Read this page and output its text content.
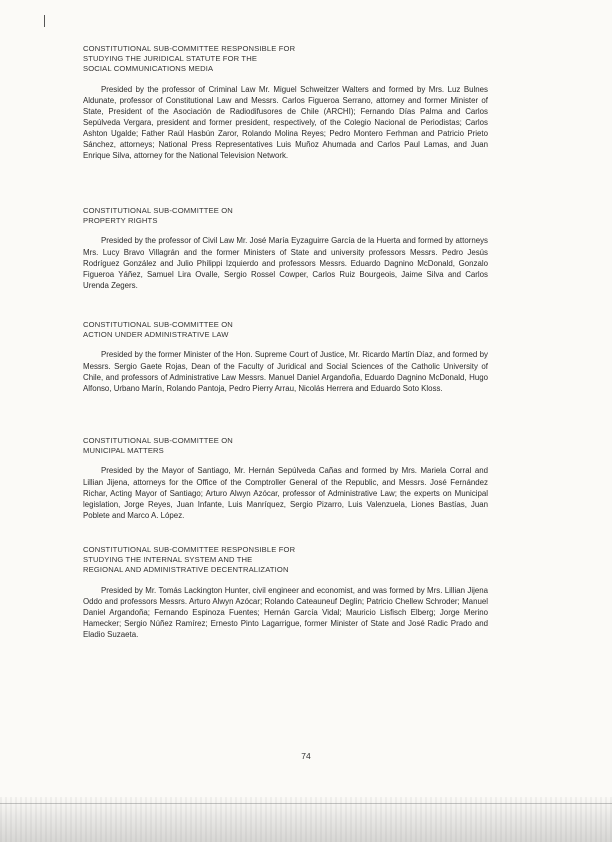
CONSTITUTIONAL SUB-COMMITTEE RESPONSIBLE FOR
STUDYING THE JURIDICAL STATUTE FOR THE
SOCIAL COMMUNICATIONS MEDIA

Presided by the professor of Criminal Law Mr. Miguel Schweitzer Walters and formed by Mrs. Luz Bulnes Aldunate, professor of Constitutional Law and Messrs. Carlos Figueroa Serrano, attorney and former Minister of State, President of the Asociación de Radiodifusores de Chile (ARCHI); Fernando Días Palma and Carlos Sepúlveda Vergara, president and former president, respectively, of the Colegio Nacional de Periodistas; Carlos Ashton Ugalde; Father Raúl Hasbún Zaror, Rolando Molina Reyes; Pedro Montero Ferhman and Patricio Prieto Sánchez, attorneys; National Press Representatives Luis Muñoz Ahumada and Carlos Paul Lamas, and Juan Enrique Silva, attorney for the National Television Network.

CONSTITUTIONAL SUB-COMMITTEE ON
PROPERTY RIGHTS

Presided by the professor of Civil Law Mr. José María Eyzaguirre García de la Huerta and formed by attorneys Mrs. Lucy Bravo Villagrán and the former Ministers of State and university professors Messrs. Pedro Jesús Rodríguez González and Julio Philippi Izquierdo and professors Messrs. Eduardo Dagnino McDonald, Gonzalo Figueroa Yáñez, Samuel Lira Ovalle, Sergio Rossel Cowper, Carlos Ruiz Bourgeois, Jaime Silva and Carlos Urenda Zegers.

CONSTITUTIONAL SUB-COMMITTEE ON
ACTION UNDER ADMINISTRATIVE LAW

Presided by the former Minister of the Hon. Supreme Court of Justice, Mr. Ricardo Martín Díaz, and formed by Messrs. Sergio Gaete Rojas, Dean of the Faculty of Juridical and Social Sciences of the Catholic University of Chile, and professors of Administrative Law Messrs. Manuel Daniel Argandoña, Eduardo Dagnino McDonald, Hugo Alfonso, Urbano Marín, Rolando Pantoja, Pedro Pierry Arrau, Nicolás Herrera and Eduardo Soto Kloss.

CONSTITUTIONAL SUB-COMMITTEE ON
MUNICIPAL MATTERS

Presided by the Mayor of Santiago, Mr. Hernán Sepúlveda Cañas and formed by Mrs. Mariela Corral and Lillian Jijena, attorneys for the Office of the Comptroller General of the Republic, and Messrs. José Fernández Richar, Acting Mayor of Santiago; Arturo Alwyn Azócar, professor of Administrative Law; the experts on Municipal legislation, Jorge Reyes, Juan Infante, Luis Manríquez, Sergio Pizarro, Luis Valenzuela, Liones Bastías, Juan Poblete and Marco A. López.

CONSTITUTIONAL SUB-COMMITTEE RESPONSIBLE FOR
STUDYING THE INTERNAL SYSTEM AND THE
REGIONAL AND ADMINISTRATIVE DECENTRALIZATION

Presided by Mr. Tomás Lackington Hunter, civil engineer and economist, and was formed by Mrs. Lillian Jijena Oddo and professors Messrs. Arturo Alwyn Azócar; Rolando Cateauneuf Deglin; Patricio Chellew Schroder; Manuel Daniel Argandoña; Fernando Espinoza Fuentes; Hernán García Vidal; Mauricio Lisfisch Elberg; Jorge Merino Hamecker; Sergio Núñez Ramírez; Ernesto Pinto Lagarrigue, former Minister of State and José Radic Prado and Eladio Suzaeta.

74
